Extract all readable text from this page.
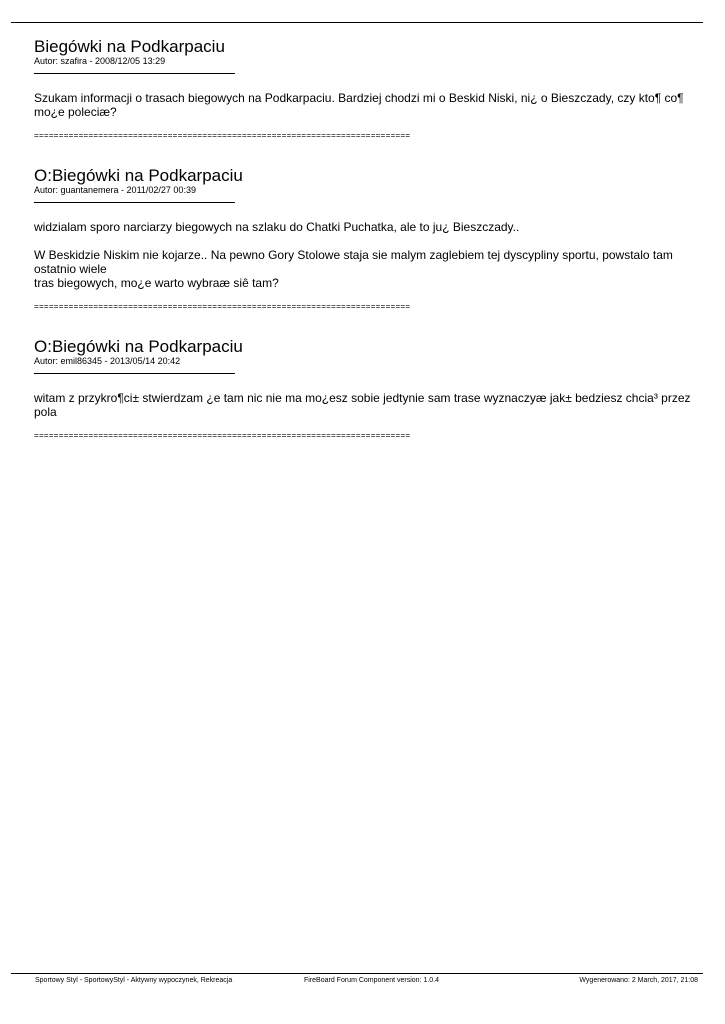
Biegówki na Podkarpaciu
Autor: szafira - 2008/12/05 13:29

Szukam informacji o trasach biegowych na Podkarpaciu. Bardziej chodzi mi o Beskid Niski, ni¿ o Bieszczady, czy kto¶ co¶ mo¿e poleciæ?

============================================================================
O:Biegówki na Podkarpaciu
Autor: guantanemera - 2011/02/27 00:39

widzialam sporo narciarzy biegowych na szlaku do Chatki Puchatka, ale to ju¿ Bieszczady..

W Beskidzie Niskim nie kojarze.. Na pewno Gory Stolowe staja sie malym zaglebiem tej dyscypliny sportu, powstalo tam ostatnio wiele

tras biegowych, mo¿e warto wybraæ siê tam?

============================================================================
O:Biegówki na Podkarpaciu
Autor: emil86345 - 2013/05/14 20:42

witam z przykro¶ci± stwierdzam ¿e tam nic nie ma mo¿esz sobie jedtynie sam trase wyznaczyæ jak± bedziesz chcia³ przez pola

============================================================================
Sportowy Styl - SportowyStyl - Aktywny wypoczynek, Rekreacja	FireBoard Forum Component version: 1.0.4	Wygenerowano: 2 March, 2017, 21:08
